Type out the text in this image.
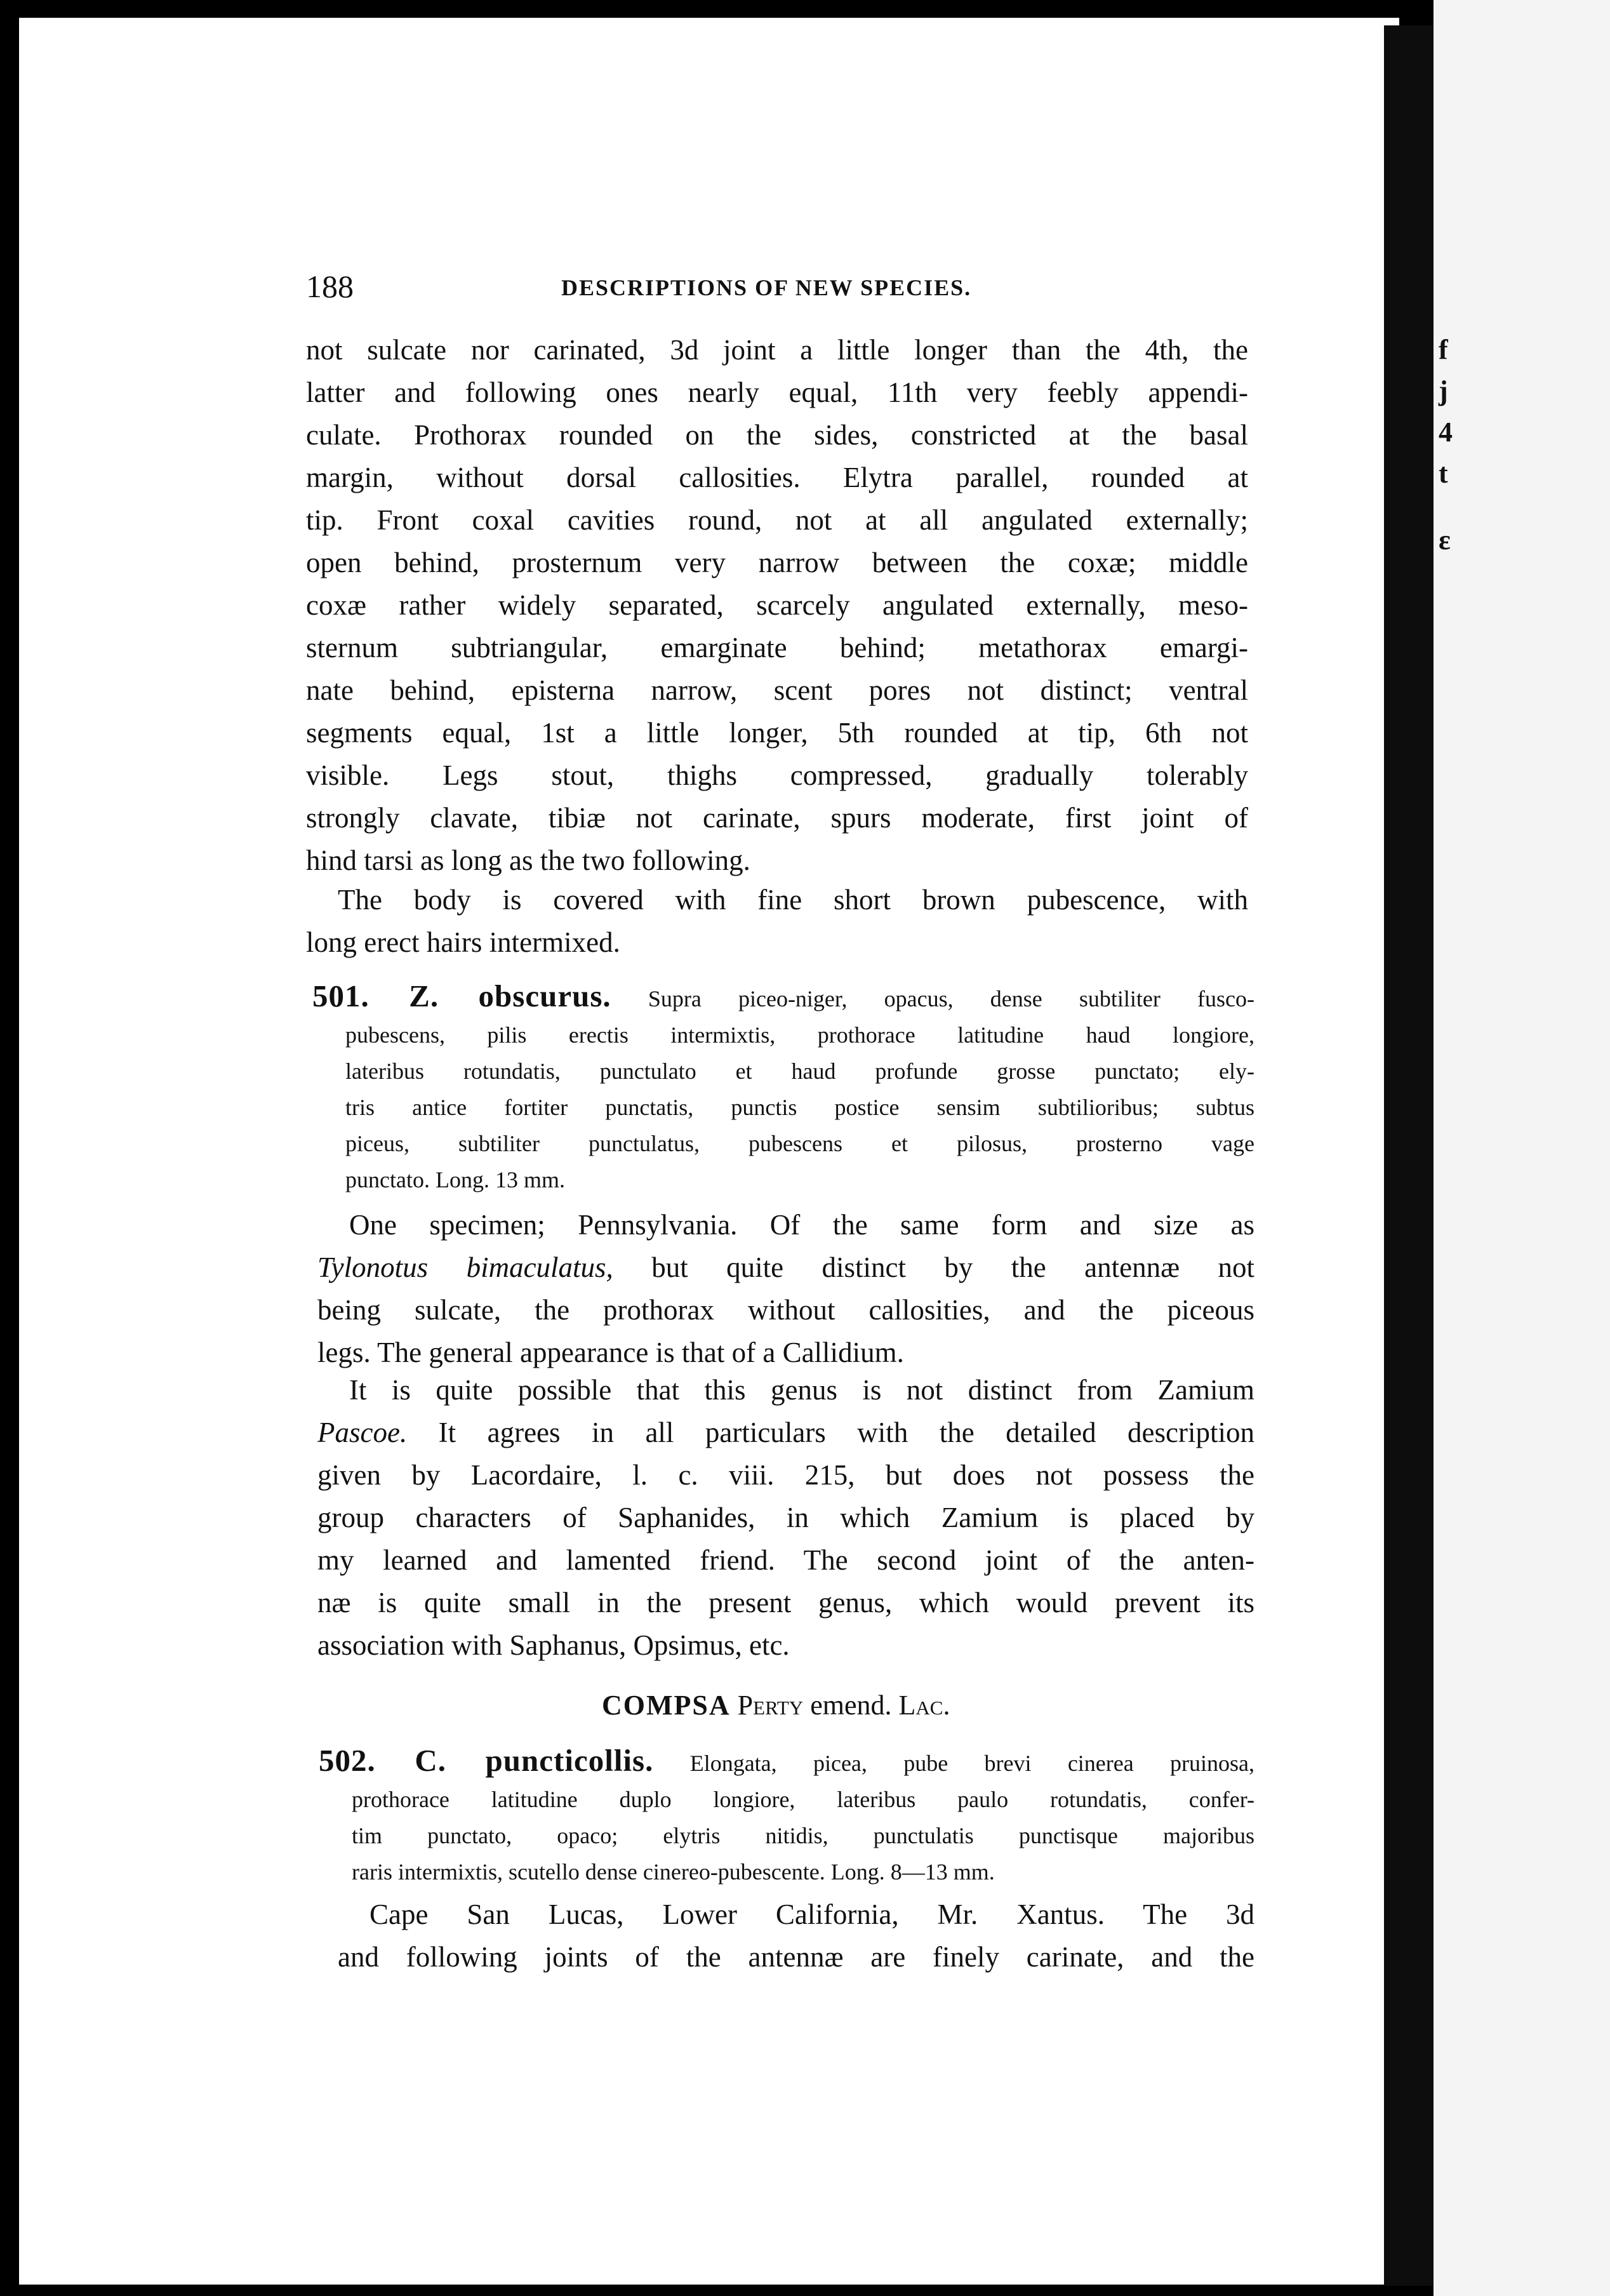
188	DESCRIPTIONS OF NEW SPECIES.
not sulcate nor carinated, 3d joint a little longer than the 4th, the
latter and following ones nearly equal, 11th very feebly appendi-
culate. Prothorax rounded on the sides, constricted at the basal
margin, without dorsal callosities. Elytra parallel, rounded at
tip. Front coxal cavities round, not at all angulated externally;
open behind, prosternum very narrow between the coxæ; middle
coxæ rather widely separated, scarcely angulated externally, meso-
sternum subtriangular, emarginate behind; metathorax emargi-
nate behind, episterna narrow, scent pores not distinct; ventral
segments equal, 1st a little longer, 5th rounded at tip, 6th not
visible. Legs stout, thighs compressed, gradually tolerably
strongly clavate, tibiæ not carinate, spurs moderate, first joint of
hind tarsi as long as the two following.
The body is covered with fine short brown pubescence, with
long erect hairs intermixed.
501. Z. obscurus. Supra piceo-niger, opacus, dense subtiliter fusco-
pubescens, pilis erectis intermixtis, prothorace latitudine haud longiore,
lateribus rotundatis, punctulato et haud profunde grosse punctato; ely-
tris antice fortiter punctatis, punctis postice sensim subtilioribus; subtus
piceus, subtiliter punctulatus, pubescens et pilosus, prosterno vage
punctato. Long. 13 mm.
One specimen; Pennsylvania. Of the same form and size as
Tylonotus bimaculatus, but quite distinct by the antennæ not
being sulcate, the prothorax without callosities, and the piceous
legs. The general appearance is that of a Callidium.
It is quite possible that this genus is not distinct from Zamium
Pascoe. It agrees in all particulars with the detailed description
given by Lacordaire, l. c. viii. 215, but does not possess the
group characters of Saphanides, in which Zamium is placed by
my learned and lamented friend. The second joint of the anten-
næ is quite small in the present genus, which would prevent its
association with Saphanus, Opsimus, etc.
COMPSA Perty emend. Lac.
502. C. puncticollis. Elongata, picea, pube brevi cinerea pruinosa,
prothorace latitudine duplo longiore, lateribus paulo rotundatis, confer-
tim punctato, opaco; elytris nitidis, punctulatis punctisque majoribus
raris intermixtis, scutello dense cinereo-pubescente. Long. 8—13 mm.
Cape San Lucas, Lower California, Mr. Xantus. The 3d
and following joints of the antennæ are finely carinate, and the
f
j
4
t
ε
